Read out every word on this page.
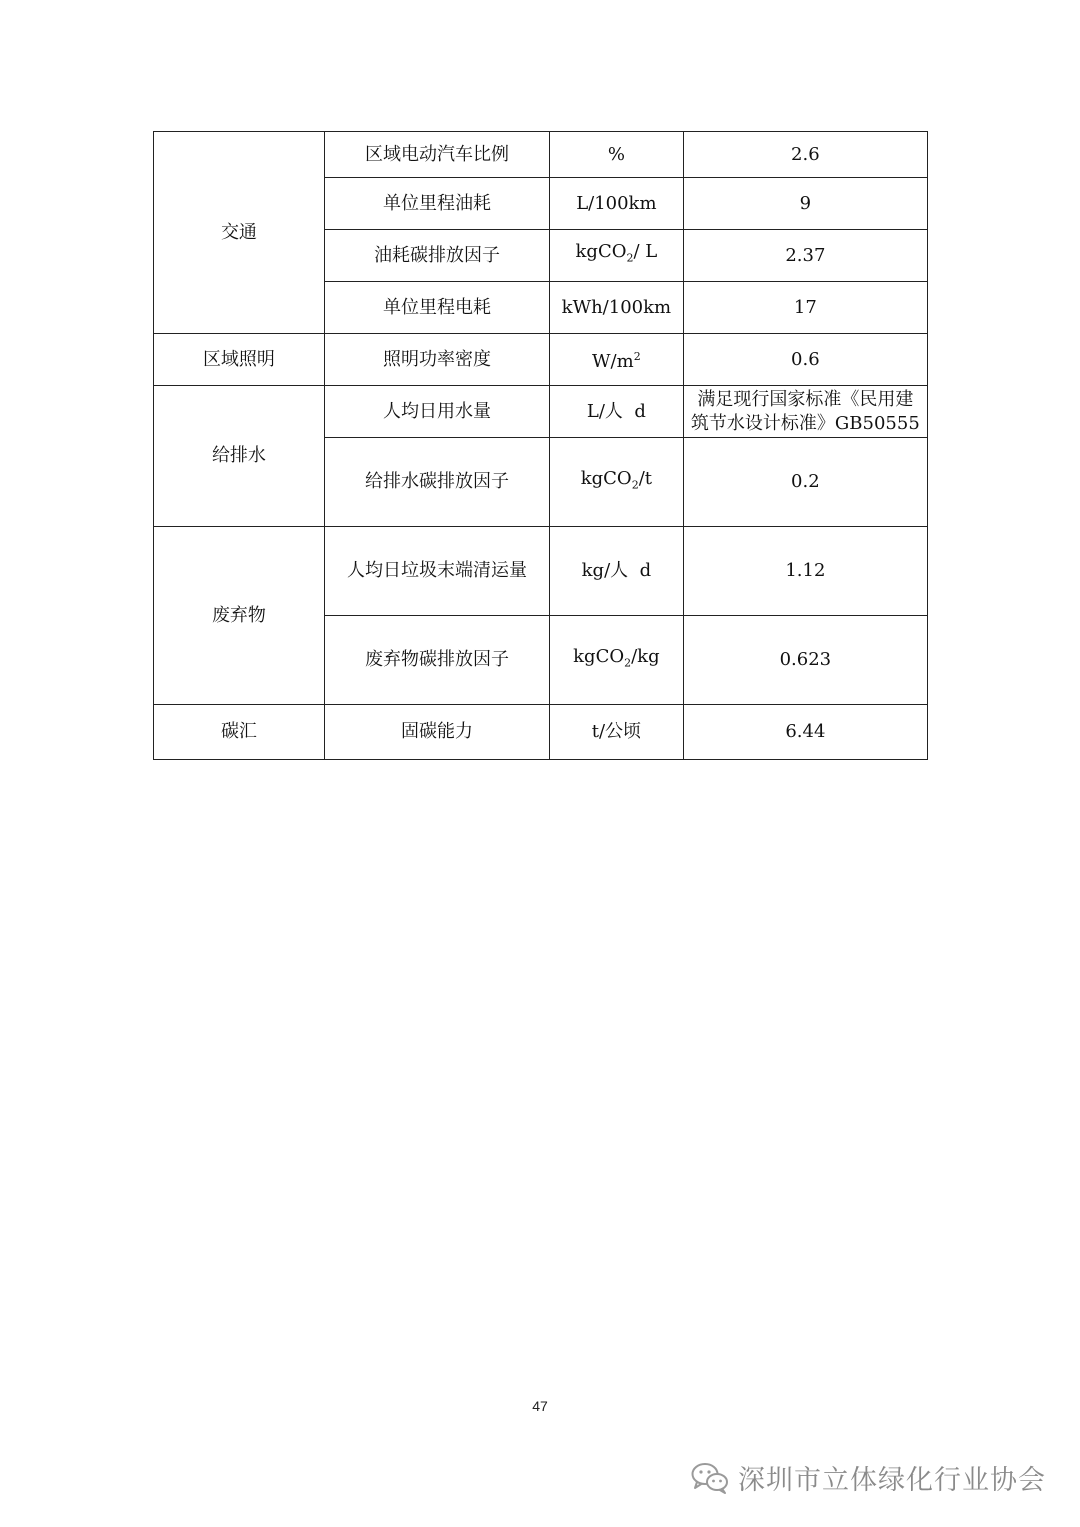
交通	区域电动汽车比例	%	2.6
	单位里程油耗	L/100km	9
	油耗碳排放因子	kgCO$_2$/ L	2.37
	单位里程电耗	kWh/100km	17
区域照明	照明功率密度	$W/m^2$	0.6
给排水	人均日用水量	L/人  d	满足现行国家标准《民用建筑节水设计标准》GB50555
	给排水碳排放因子	kgCO$_2$/t	0.2
废弃物	人均日垃圾末端清运量	kg/人  d	1.12
	废弃物碳排放因子	kgCO$_2$/kg	0.623
碳汇	固碳能力	t/公顷	6.44
47
深圳市立体绿化行业协会
